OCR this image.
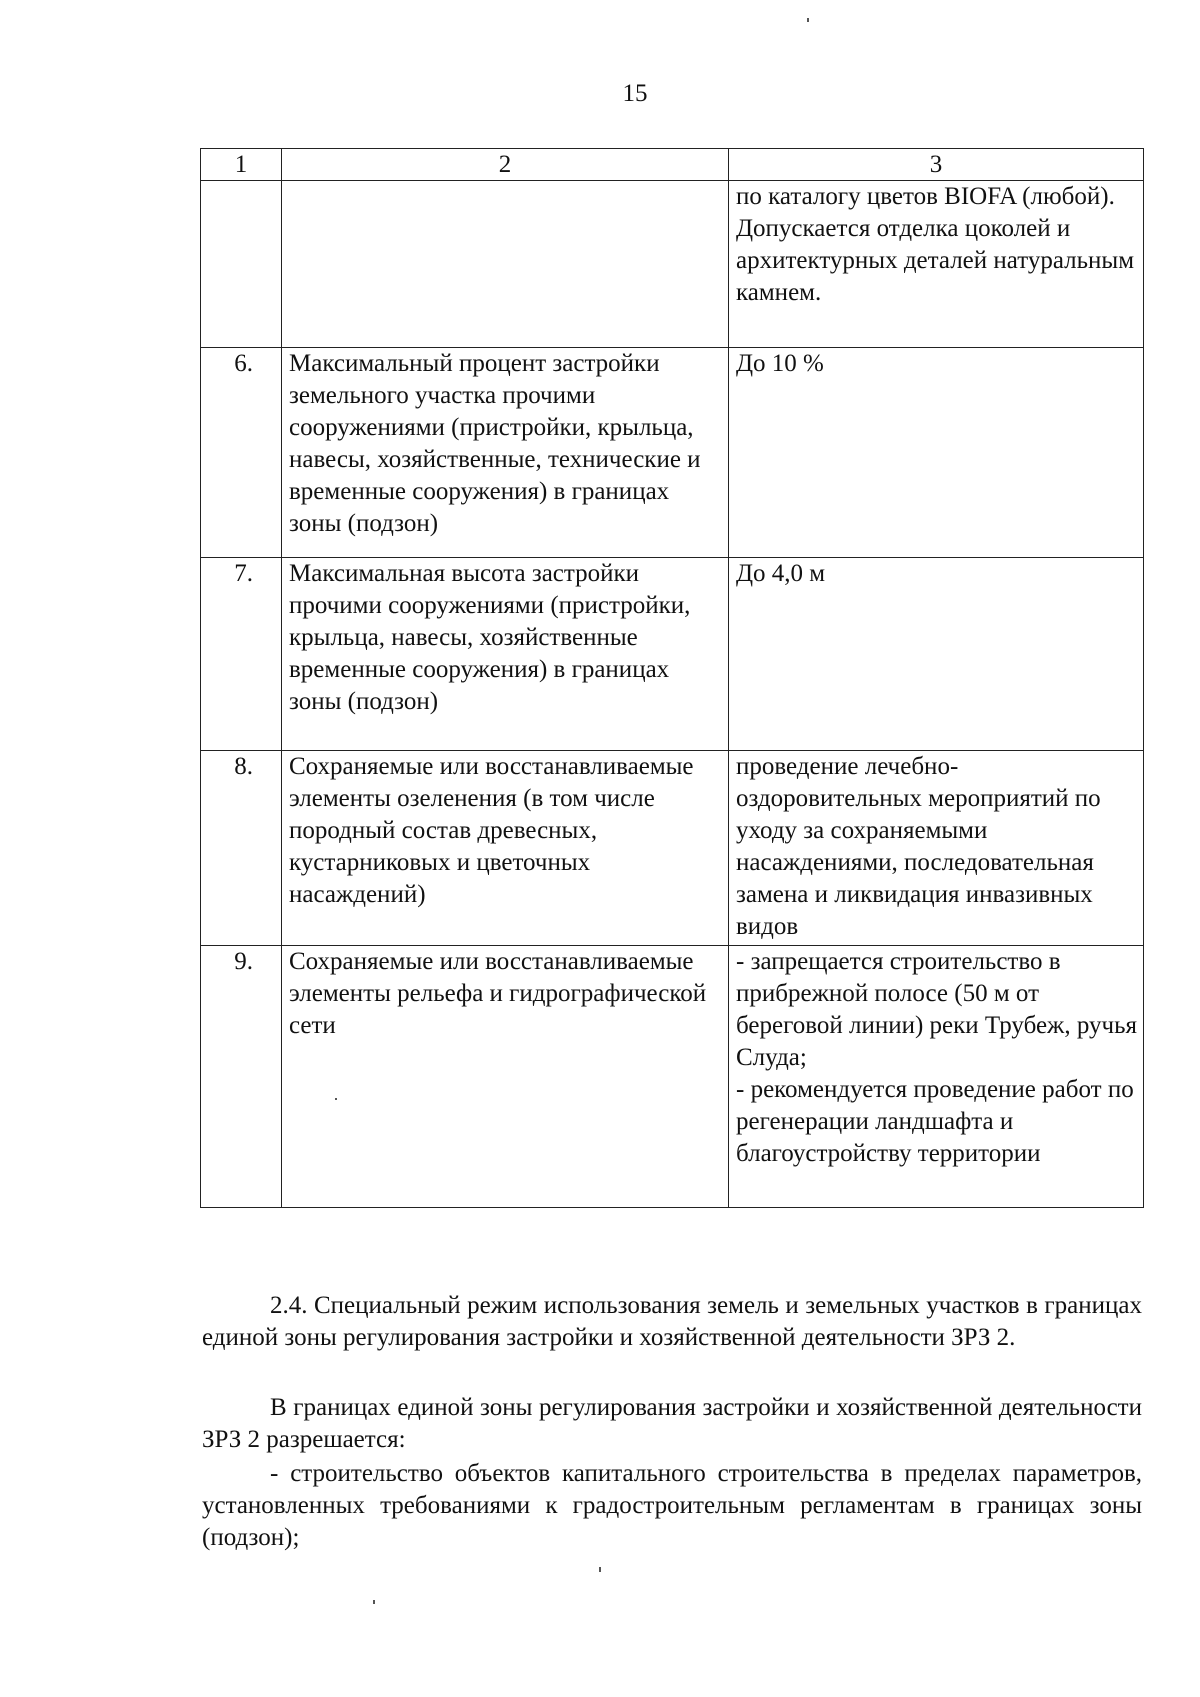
15
1	2	3

		по каталогу цветов BIOFA (любой).

Допускается отделка цоколей и архитектурных деталей натуральным камнем.

6.	Максимальный процент застройки земельного участка прочими сооружениями (пристройки, крыльца, навесы, хозяйственные, технические и временные сооружения) в границах зоны (подзон)	До 10 %

7.	Максимальная высота застройки прочими сооружениями (пристройки, крыльца, навесы, хозяйственные временные сооружения) в границах зоны (подзон)	До 4,0 м

8.	Сохраняемые или восстанавливаемые элементы озеленения (в том числе породный состав древесных, кустарниковых и цветочных насаждений)	проведение лечебно-оздоровительных мероприятий по уходу за сохраняемыми насаждениями, последовательная замена и ликвидация инвазивных видов

9.	Сохраняемые или восстанавливаемые элементы рельефа и гидрографической сети	- запрещается строительство в прибрежной полосе (50 м от береговой линии) реки Трубеж, ручья Слуда;

- рекомендуется проведение работ по регенерации ландшафта и благоустройству территории

2.4. Специальный режим использования земель и земельных участков в границах единой зоны регулирования застройки и хозяйственной деятельности ЗРЗ 2.

В границах единой зоны регулирования застройки и хозяйственной деятельности ЗРЗ 2 разрешается:

- строительство объектов капитального строительства в пределах параметров, установленных требованиями к градостроительным регламентам в границах зоны (подзон);
